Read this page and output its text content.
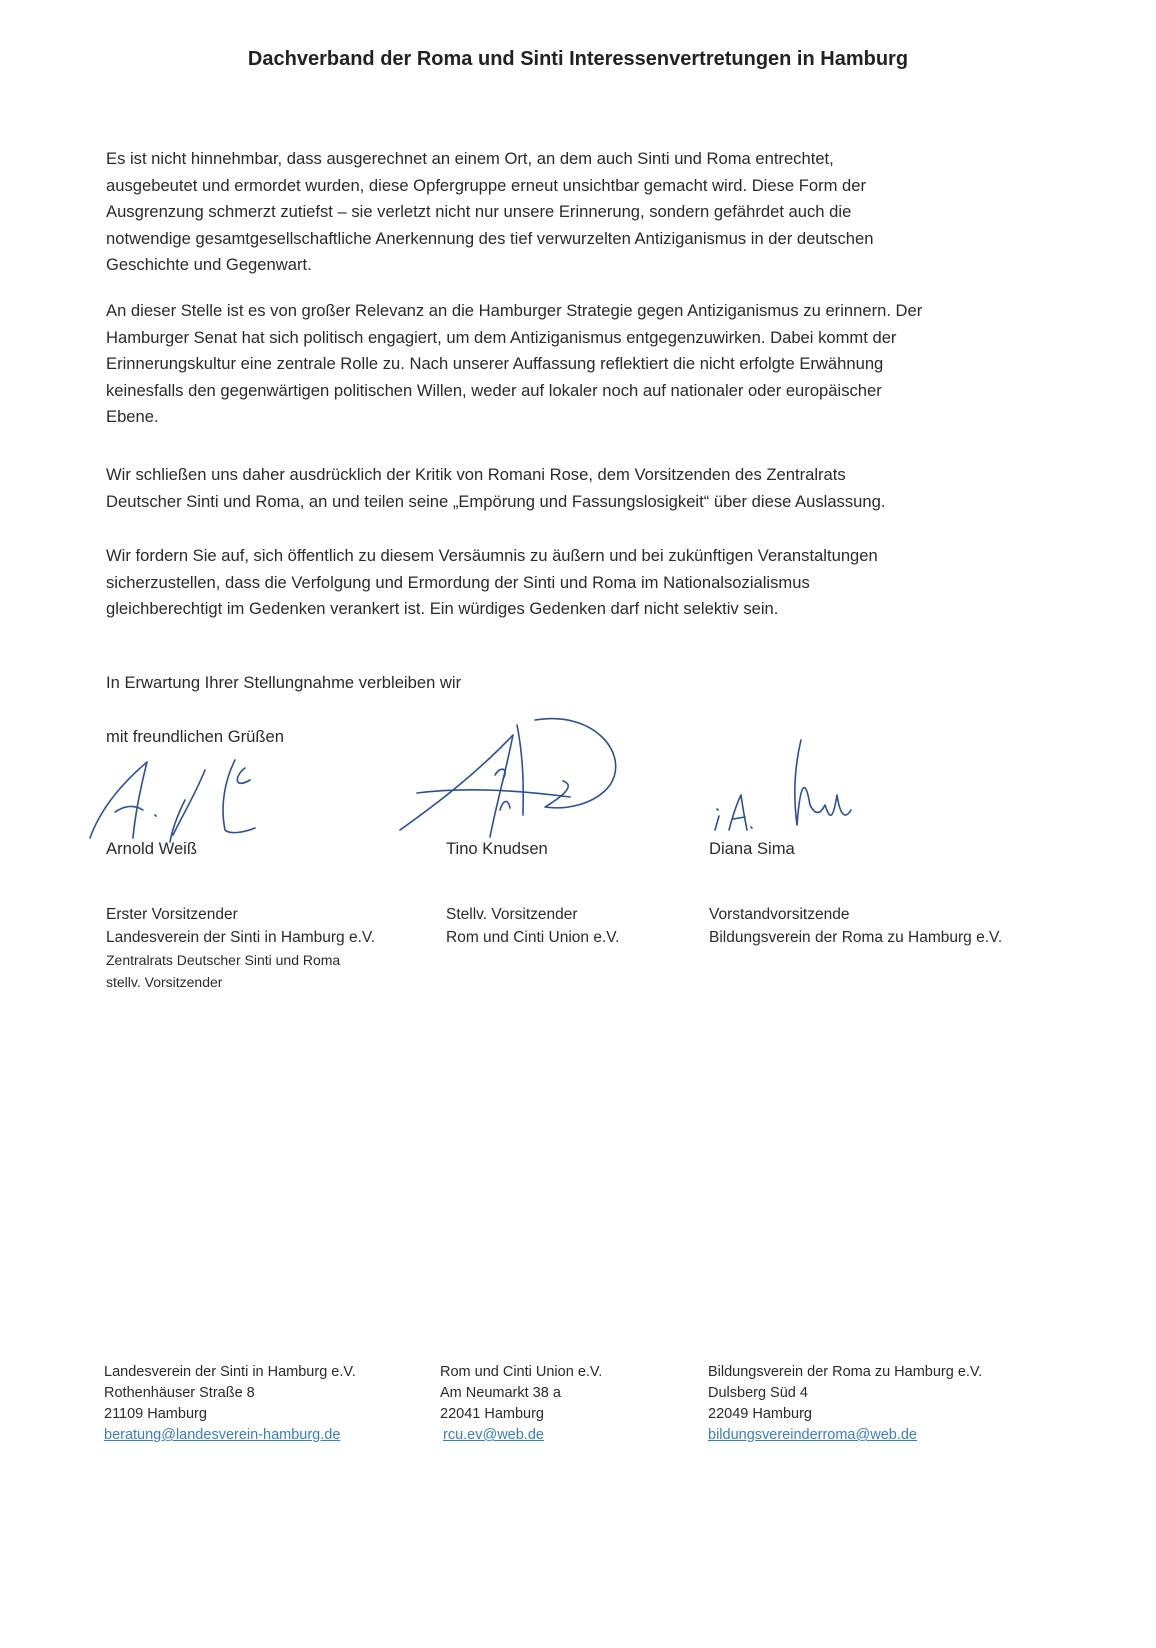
Dachverband der Roma und Sinti Interessenvertretungen in Hamburg
Es ist nicht hinnehmbar, dass ausgerechnet an einem Ort, an dem auch Sinti und Roma entrechtet,
ausgebeutet und ermordet wurden, diese Opfergruppe erneut unsichtbar gemacht wird. Diese Form der
Ausgrenzung schmerzt zutiefst – sie verletzt nicht nur unsere Erinnerung, sondern gefährdet auch die
notwendige gesamtgesellschaftliche Anerkennung des tief verwurzelten Antiziganismus in der deutschen
Geschichte und Gegenwart.
An dieser Stelle ist es von großer Relevanz an die Hamburger Strategie gegen Antiziganismus zu erinnern. Der
Hamburger Senat hat sich politisch engagiert, um dem Antiziganismus entgegenzuwirken. Dabei kommt der
Erinnerungskultur eine zentrale Rolle zu. Nach unserer Auffassung reflektiert die nicht erfolgte Erwähnung
keinesfalls den gegenwärtigen politischen Willen, weder auf lokaler noch auf nationaler oder europäischer
Ebene.
Wir schließen uns daher ausdrücklich der Kritik von Romani Rose, dem Vorsitzenden des Zentralrats
Deutscher Sinti und Roma, an und teilen seine „Empörung und Fassungslosigkeit“ über diese Auslassung.
Wir fordern Sie auf, sich öffentlich zu diesem Versäumnis zu äußern und bei zukünftigen Veranstaltungen
sicherzustellen, dass die Verfolgung und Ermordung der Sinti und Roma im Nationalsozialismus
gleichberechtigt im Gedenken verankert ist. Ein würdiges Gedenken darf nicht selektiv sein.
In Erwartung Ihrer Stellungnahme verbleiben wir
mit freundlichen Grüßen
Arnold Weiß
Erster Vorsitzender
Landesverein der Sinti in Hamburg e.V.
Zentralrats Deutscher Sinti und Roma
stellv. Vorsitzender
Tino Knudsen
Stellv. Vorsitzender
Rom und Cinti Union e.V.
Diana Sima
Vorstandvorsitzende
Bildungsverein der Roma zu Hamburg e.V.
Landesverein der Sinti in Hamburg e.V.
Rothenhäuser Straße 8
21109 Hamburg
beratung@landesverein-hamburg.de
Rom und Cinti Union e.V.
Am Neumarkt 38 a
22041 Hamburg
rcu.ev@web.de
Bildungsverein der Roma zu Hamburg e.V.
Dulsberg Süd 4
22049 Hamburg
bildungsvereinderroma@web.de
